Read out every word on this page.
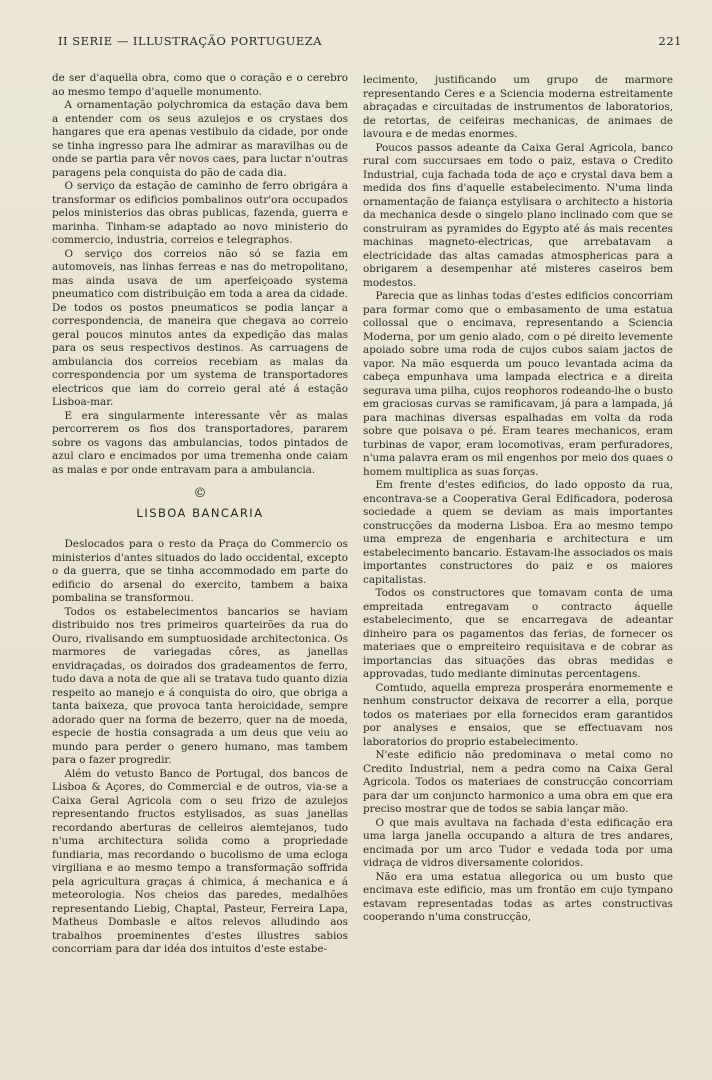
II SERIE — ILLUSTRAÇÃO PORTUGUEZA	221

de ser d'aquella obra, como que o coração e o cerebro ao mesmo tempo d'aquelle monumento.

A ornamentação polychromica da estação dava bem a entender com os seus azulejos e os crystaes dos hangares que era apenas vestibulo da cidade, por onde se tinha ingresso para lhe admirar as maravilhas ou de onde se partia para vêr novos caes, para luctar n'outras paragens pela conquista do pão de cada dia.

O serviço da estação de caminho de ferro obrigára a transformar os edificios pombalinos outr'ora occupados pelos ministerios das obras publicas, fazenda, guerra e marinha. Tinham-se adaptado ao novo ministerio do commercio, industria, correios e telegraphos.

O serviço dos correios não só se fazia em automoveis, nas linhas ferreas e nas do metropolitano, mas ainda usava de um aperfeiçoado systema pneumatico com distribuição em toda a area da cidade. De todos os postos pneumaticos se podia lançar a correspondencia, de maneira que chegava ao correio geral poucos minutos antes da expedição das malas para os seus respectivos destinos. As carruagens de ambulancia dos correios recebiam as malas da correspondencia por um systema de transportadores electricos que iam do correio geral até á estação Lisboa-mar.

E era singularmente interessante vêr as malas percorrerem os fios dos transportadores, pararem sobre os vagons das ambulancias, todos pintados de azul claro e encimados por uma tremenha onde caiam as malas e por onde entravam para a ambulancia.

©
LISBOA BANCARIA

Deslocados para o resto da Praça do Commercio os ministerios d'antes situados do lado occidental, excepto o da guerra, que se tinha accommodado em parte do edificio do arsenal do exercito, tambem a baixa pombalina se transformou.

Todos os estabelecimentos bancarios se haviam distribuido nos tres primeiros quarteirões da rua do Ouro, rivalisando em sumptuosidade architectonica. Os marmores de variegadas côres, as janellas envidraçadas, os doirados dos gradeamentos de ferro, tudo dava a nota de que ali se tratava tudo quanto dizia respeito ao manejo e á conquista do oiro, que obriga a tanta baixeza, que provoca tanta heroicidade, sempre adorado quer na forma de bezerro, quer na de moeda, especie de hostia consagrada a um deus que veiu ao mundo para perder o genero humano, mas tambem para o fazer progredir.

Além do vetusto Banco de Portugal, dos bancos de Lisboa & Açores, do Commercial e de outros, via-se a Caixa Geral Agricola com o seu frizo de azulejos representando fructos estylisados, as suas janellas recordando aberturas de celleiros alemtejanos, tudo n'uma architectura solida como a propriedade fundiaria, mas recordando o bucolismo de uma ecloga virgiliana e ao mesmo tempo a transformação soffrida pela agricultura graças á chimica, á mechanica e á meteorologia. Nos cheios das paredes, medalhões representando Liebig, Chaptal, Pasteur, Ferreira Lapa, Matheus Dombasle e altos relevos alludindo aos trabalhos proeminentes d'estes illustres sabios concorriam para dar idéa dos intuitos d'este estabe-

lecimento, justificando um grupo de marmore representando Ceres e a Sciencia moderna estreitamente abraçadas e circuitadas de instrumentos de laboratorios, de retortas, de ceifeiras mechanicas, de animaes de lavoura e de medas enormes.

Poucos passos adeante da Caixa Geral Agricola, banco rural com succursaes em todo o paiz, estava o Credito Industrial, cuja fachada toda de aço e crystal dava bem a medida dos fins d'aquelle estabelecimento. N'uma linda ornamentação de faiança estylisara o architecto a historia da mechanica desde o singelo plano inclinado com que se construiram as pyramides do Egypto até ás mais recentes machinas magneto-electricas, que arrebatavam a electricidade das altas camadas atmosphericas para a obrigarem a desempenhar até misteres caseiros bem modestos.

Parecia que as linhas todas d'estes edificios concorriam para formar como que o embasamento de uma estatua collossal que o encimava, representando a Sciencia Moderna, por um genio alado, com o pé direito levemente apoiado sobre uma roda de cujos cubos saiam jactos de vapor. Na mão esquerda um pouco levantada acima da cabeça empunhava uma lampada electrica e a direita segurava uma pilha, cujos reophoros rodeando-lhe o busto em graciosas curvas se ramificavam, já para a lampada, já para machinas diversas espalhadas em volta da roda sobre que poisava o pé. Eram teares mechanicos, eram turbinas de vapor, eram locomotivas, eram perfuradores, n'uma palavra eram os mil engenhos por meio dos quaes o homem multiplica as suas forças.

Em frente d'estes edificios, do lado opposto da rua, encontrava-se a Cooperativa Geral Edificadora, poderosa sociedade a quem se deviam as mais importantes construcções da moderna Lisboa. Era ao mesmo tempo uma empreza de engenharia e architectura e um estabelecimento bancario. Estavam-lhe associados os mais importantes constructores do paiz e os maiores capitalistas.

Todos os constructores que tomavam conta de uma empreitada entregavam o contracto áquelle estabelecimento, que se encarregava de adeantar dinheiro para os pagamentos das ferias, de fornecer os materiaes que o empreiteiro requisitava e de cobrar as importancias das situações das obras medidas e approvadas, tudo mediante diminutas percentagens.

Comtudo, aquella empreza prosperára enormemente e nenhum constructor deixava de recorrer a ella, porque todos os materiaes por ella fornecidos eram garantidos por analyses e ensaios, que se effectuavam nos laboratorios do proprio estabelecimento.

N'este edificio não predominava o metal como no Credito Industrial, nem a pedra como na Caixa Geral Agricola. Todos os materiaes de construcção concorriam para dar um conjuncto harmonico a uma obra em que era preciso mostrar que de todos se sabia lançar mão.

O que mais avultava na fachada d'esta edificação era uma larga janella occupando a altura de tres andares, encimada por um arco Tudor e vedada toda por uma vidraça de vidros diversamente coloridos.

Não era uma estatua allegorica ou um busto que encimava este edificio, mas um frontão em cujo tympano estavam representadas todas as artes constructivas cooperando n'uma construcção,
